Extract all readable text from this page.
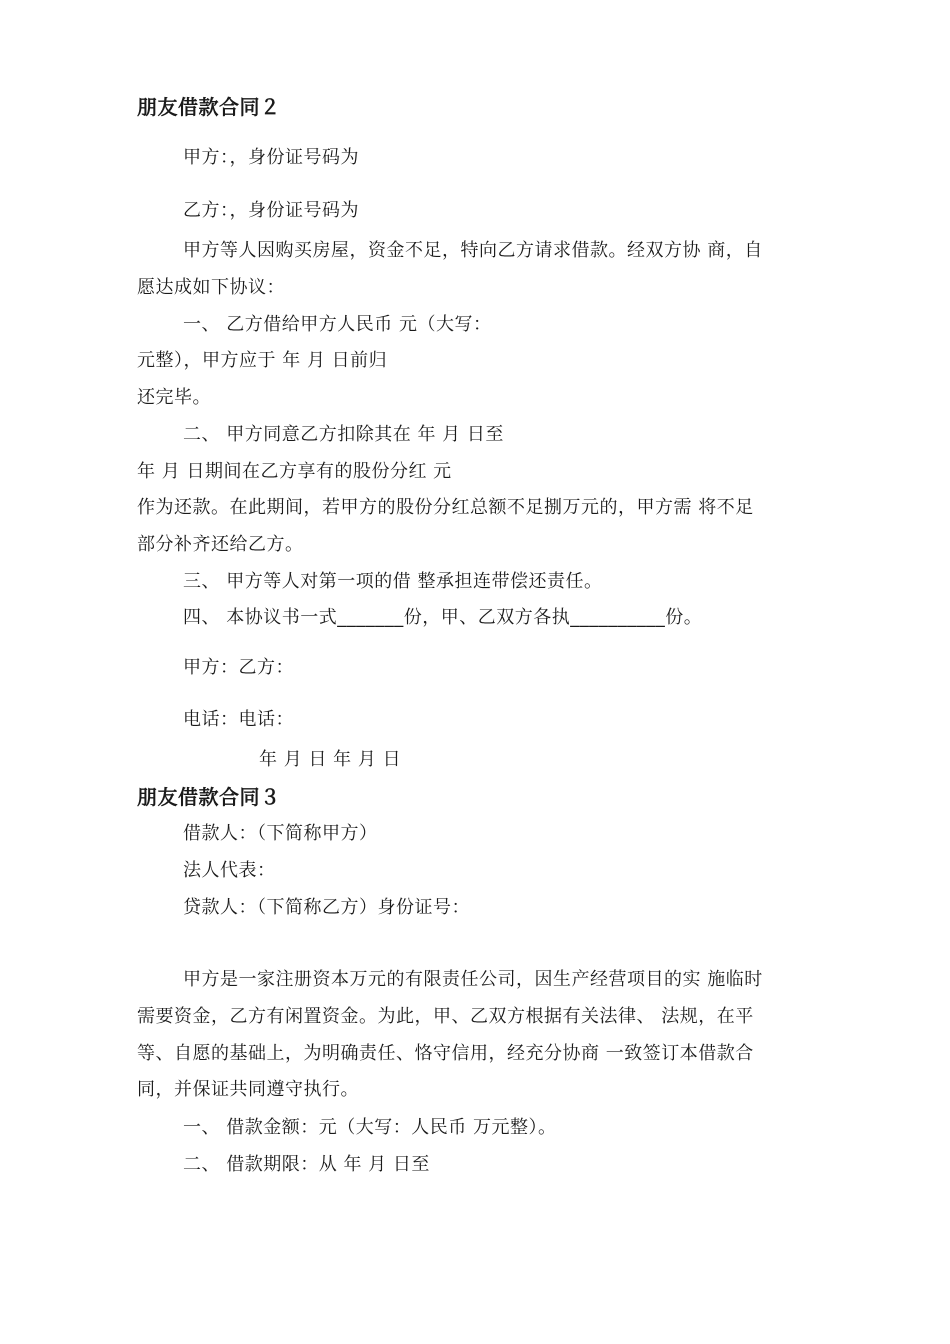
朋友借款合同２
甲方：，身份证号码为
乙方：，身份证号码为
甲方等人因购买房屋，资金不足，特向乙方请求借款。经双方协 商，自
愿达成如下协议：
一、 乙方借给甲方人民币 元（大写：
元整），甲方应于 年 月 日前归
还完毕。
二、 甲方同意乙方扣除其在 年 月 日至
年 月 日期间在乙方享有的股份分红 元
作为还款。在此期间，若甲方的股份分红总额不足捌万元的，甲方需 将不足
部分补齐还给乙方。
三、 甲方等人对第一项的借 整承担连带偿还责任。
四、 本协议书一式_______份，甲、乙双方各执__________份。
甲方：乙方：
电话：电话：
年 月 日 年 月 日
朋友借款合同３
借款人：（下简称甲方）
法人代表：
贷款人：（下简称乙方）身份证号：
甲方是一家注册资本万元的有限责任公司，因生产经营项目的实 施临时
需要资金，乙方有闲置资金。为此，甲、乙双方根据有关法律、 法规，在平
等、自愿的基础上，为明确责任、恪守信用，经充分协商 一致签订本借款合
同，并保证共同遵守执行。
一、 借款金额：元（大写：人民币 万元整）。
二、 借款期限：从 年 月 日至
